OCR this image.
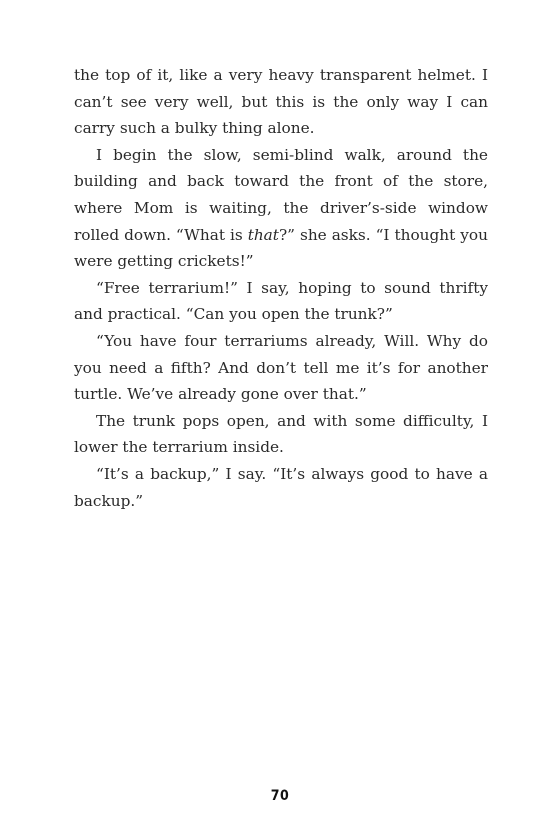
the top of it, like a very heavy transparent helmet. I can’t see very well, but this is the only way I can carry such a bulky thing alone.

I begin the slow, semi-blind walk, around the building and back toward the front of the store, where Mom is waiting, the driver’s-side window rolled down. “What is that?” she asks. “I thought you were getting crickets!”

“Free terrarium!” I say, hoping to sound thrifty and practical. “Can you open the trunk?”

“You have four terrariums already, Will. Why do you need a fifth? And don’t tell me it’s for another turtle. We’ve already gone over that.”

The trunk pops open, and with some difficulty, I lower the terrarium inside.

“It’s a backup,” I say. “It’s always good to have a backup.”

70
